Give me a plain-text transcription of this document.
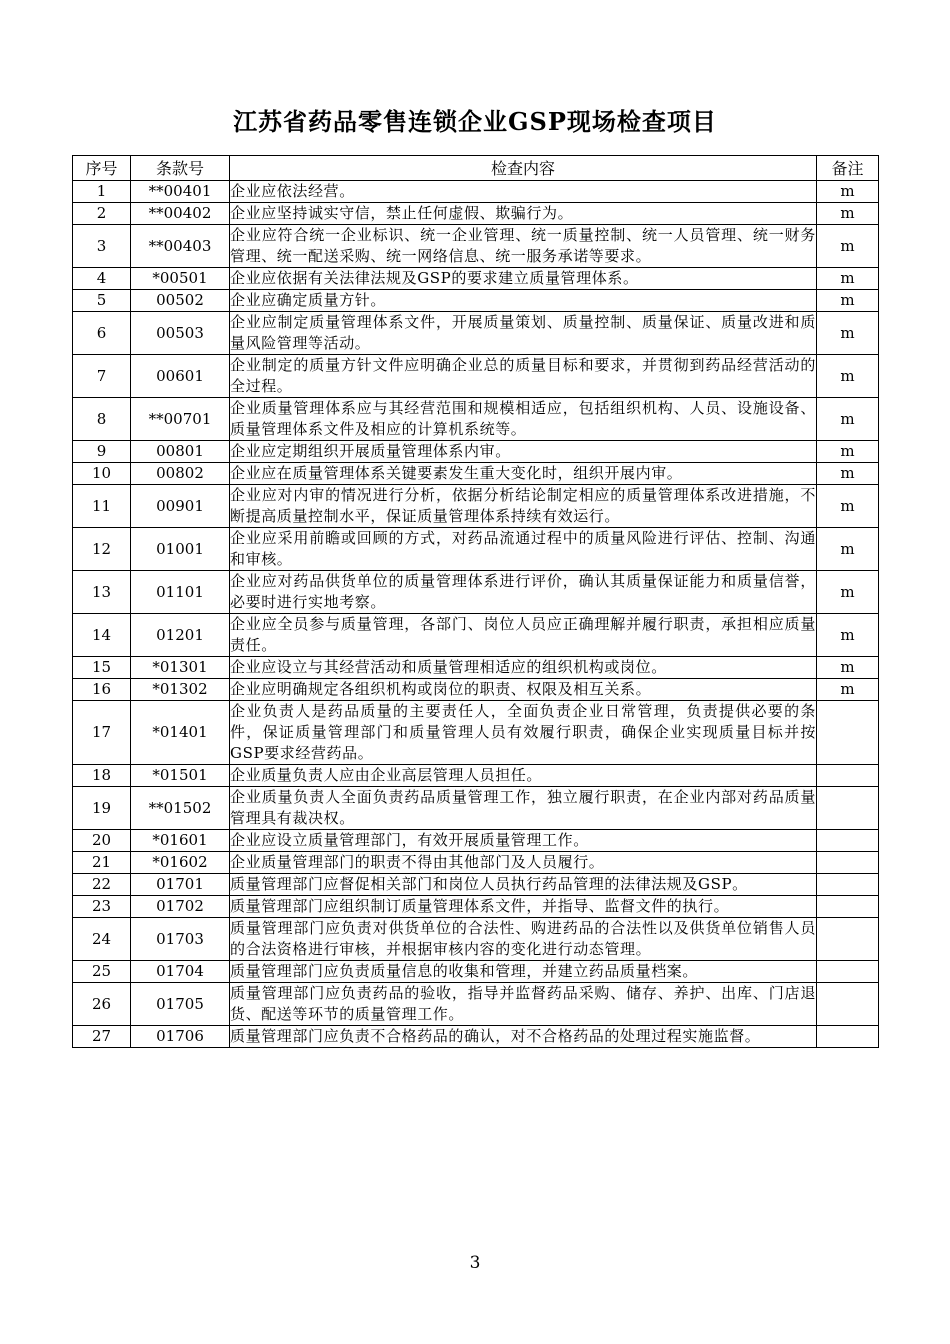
江苏省药品零售连锁企业GSP现场检查项目
序号	条款号	检查内容	备注
1	**00401	企业应依法经营。	m
2	**00402	企业应坚持诚实守信，禁止任何虚假、欺骗行为。	m
3	**00403	企业应符合统一企业标识、统一企业管理、统一质量控制、统一人员管理、统一财务管理、统一配送采购、统一网络信息、统一服务承诺等要求。	m
4	*00501	企业应依据有关法律法规及GSP的要求建立质量管理体系。	m
5	00502	企业应确定质量方针。	m
6	00503	企业应制定质量管理体系文件，开展质量策划、质量控制、质量保证、质量改进和质量风险管理等活动。	m
7	00601	企业制定的质量方针文件应明确企业总的质量目标和要求，并贯彻到药品经营活动的全过程。	m
8	**00701	企业质量管理体系应与其经营范围和规模相适应，包括组织机构、人员、设施设备、质量管理体系文件及相应的计算机系统等。	m
9	00801	企业应定期组织开展质量管理体系内审。	m
10	00802	企业应在质量管理体系关键要素发生重大变化时，组织开展内审。	m
11	00901	企业应对内审的情况进行分析，依据分析结论制定相应的质量管理体系改进措施，不断提高质量控制水平，保证质量管理体系持续有效运行。	m
12	01001	企业应采用前瞻或回顾的方式，对药品流通过程中的质量风险进行评估、控制、沟通和审核。	m
13	01101	企业应对药品供货单位的质量管理体系进行评价，确认其质量保证能力和质量信誉，必要时进行实地考察。	m
14	01201	企业应全员参与质量管理，各部门、岗位人员应正确理解并履行职责，承担相应质量责任。	m
15	*01301	企业应设立与其经营活动和质量管理相适应的组织机构或岗位。	m
16	*01302	企业应明确规定各组织机构或岗位的职责、权限及相互关系。	m
17	*01401	企业负责人是药品质量的主要责任人，全面负责企业日常管理，负责提供必要的条件，保证质量管理部门和质量管理人员有效履行职责，确保企业实现质量目标并按GSP要求经营药品。	
18	*01501	企业质量负责人应由企业高层管理人员担任。	
19	**01502	企业质量负责人全面负责药品质量管理工作，独立履行职责，在企业内部对药品质量管理具有裁决权。	
20	*01601	企业应设立质量管理部门，有效开展质量管理工作。	
21	*01602	企业质量管理部门的职责不得由其他部门及人员履行。	
22	01701	质量管理部门应督促相关部门和岗位人员执行药品管理的法律法规及GSP。	
23	01702	质量管理部门应组织制订质量管理体系文件，并指导、监督文件的执行。	
24	01703	质量管理部门应负责对供货单位的合法性、购进药品的合法性以及供货单位销售人员的合法资格进行审核，并根据审核内容的变化进行动态管理。	
25	01704	质量管理部门应负责质量信息的收集和管理，并建立药品质量档案。	
26	01705	质量管理部门应负责药品的验收，指导并监督药品采购、储存、养护、出库、门店退货、配送等环节的质量管理工作。	
27	01706	质量管理部门应负责不合格药品的确认，对不合格药品的处理过程实施监督。	
3
